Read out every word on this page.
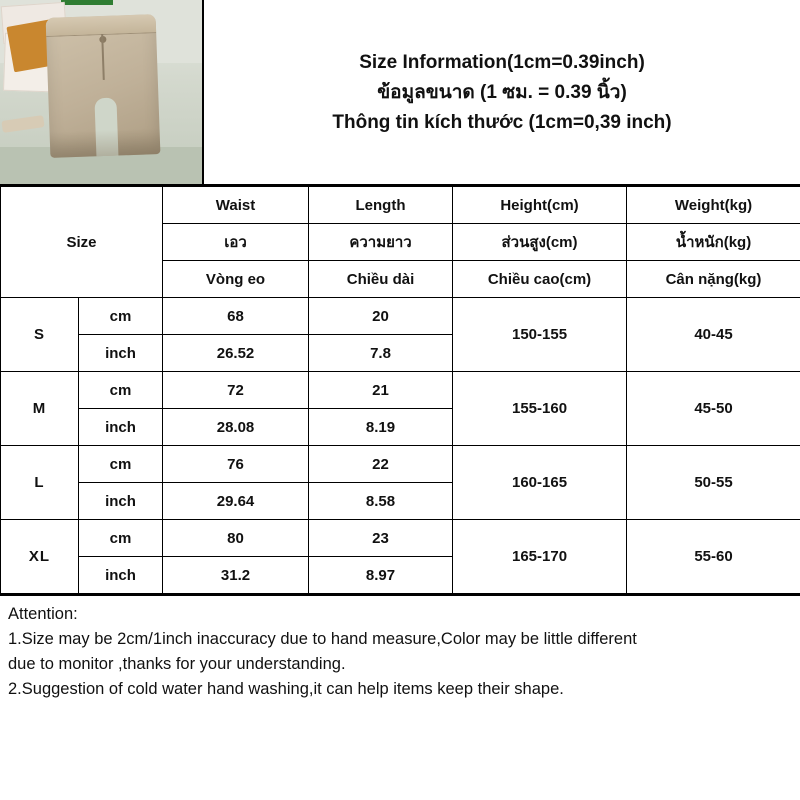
Size Information(1cm=0.39inch)
ข้อมูลขนาด (1 ซม. = 0.39 นิ้ว)
Thông tin kích thước (1cm=0,39 inch)
Size		Waist	Length	Height(cm)	Weight(kg)
		เอว	ความยาว	ส่วนสูง(cm)	น้ำหนัก(kg)
		Vòng eo	Chiều dài	Chiều cao(cm)	Cân nặng(kg)
S	cm	68	20	150-155	40-45
	inch	26.52	7.8		
M	cm	72	21	155-160	45-50
	inch	28.08	8.19		
L	cm	76	22	160-165	50-55
	inch	29.64	8.58		
XL	cm	80	23	165-170	55-60
	inch	31.2	8.97		

Attention:

1.Size may be 2cm/1inch inaccuracy due to hand measure,Color may be little different

due to monitor ,thanks for your understanding.

2.Suggestion of cold water hand washing,it can help items keep their shape.
